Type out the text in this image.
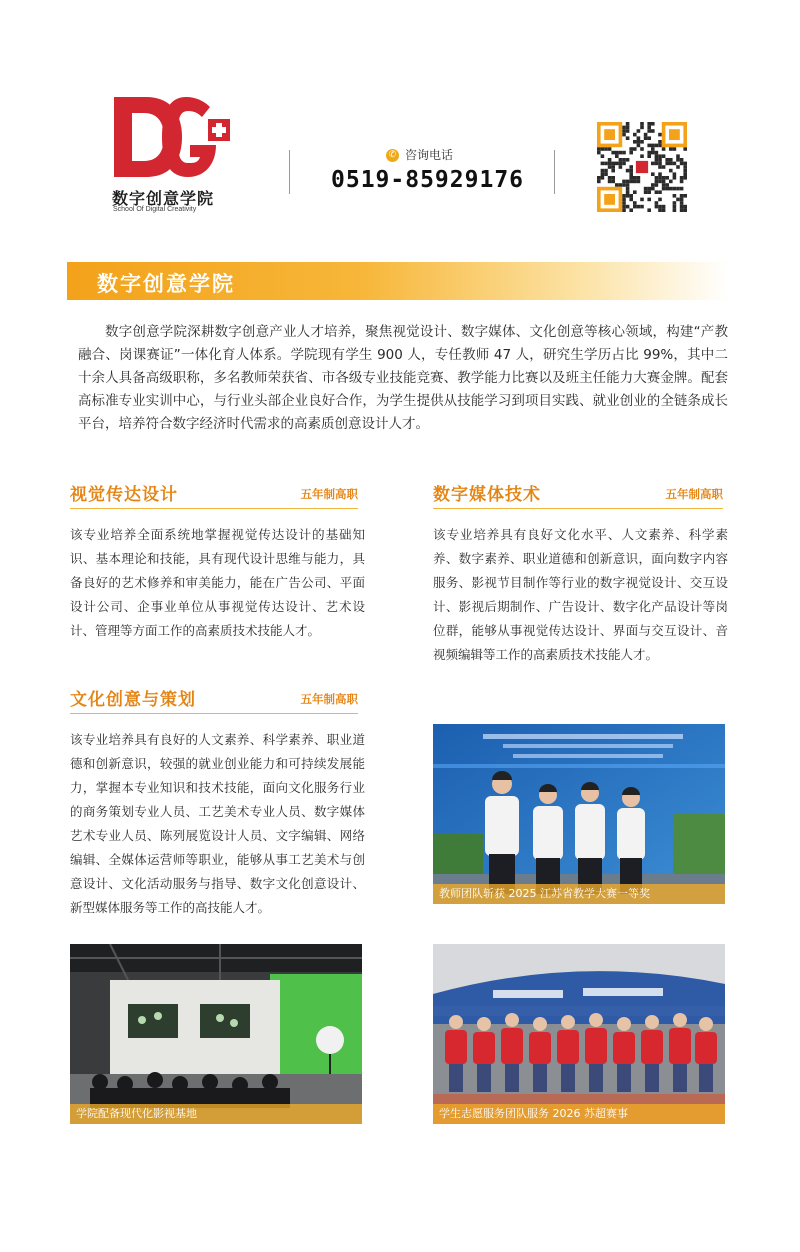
数字创意学院
School Of Digital Creativity
✆ 咨询电话
0519-85929176
数字创意学院
数字创意学院深耕数字创意产业人才培养，聚焦视觉设计、数字媒体、文化创意等核心领域，构建“产教融合、岗课赛证”一体化育人体系。学院现有学生 900 人，专任教师 47 人，研究生学历占比 99%，其中二十余人具备高级职称，多名教师荣获省、市各级专业技能竞赛、教学能力比赛以及班主任能力大赛金牌。配套高标准专业实训中心，与行业头部企业良好合作，为学生提供从技能学习到项目实践、就业创业的全链条成长平台，培养符合数字经济时代需求的高素质创意设计人才。
视觉传达设计	五年制高职
该专业培养全面系统地掌握视觉传达设计的基础知识、基本理论和技能，具有现代设计思维与能力，具备良好的艺术修养和审美能力，能在广告公司、平面设计公司、企事业单位从事视觉传达设计、艺术设计、管理等方面工作的高素质技术技能人才。
数字媒体技术	五年制高职
该专业培养具有良好文化水平、人文素养、科学素养、数字素养、职业道德和创新意识，面向数字内容服务、影视节目制作等行业的数字视觉设计、交互设计、影视后期制作、广告设计、数字化产品设计等岗位群，能够从事视觉传达设计、界面与交互设计、音视频编辑等工作的高素质技术技能人才。
文化创意与策划	五年制高职
该专业培养具有良好的人文素养、科学素养、职业道德和创新意识，较强的就业创业能力和可持续发展能力，掌握本专业知识和技术技能，面向文化服务行业的商务策划专业人员、工艺美术专业人员、数字媒体艺术专业人员、陈列展览设计人员、文字编辑、网络编辑、全媒体运营师等职业，能够从事工艺美术与创意设计、文化活动服务与指导、数字文化创意设计、新型媒体服务等工作的高技能人才。
教师团队斩获 2025 江苏省教学大赛一等奖
学院配备现代化影视基地	学生志愿服务团队服务 2026 苏超赛事
